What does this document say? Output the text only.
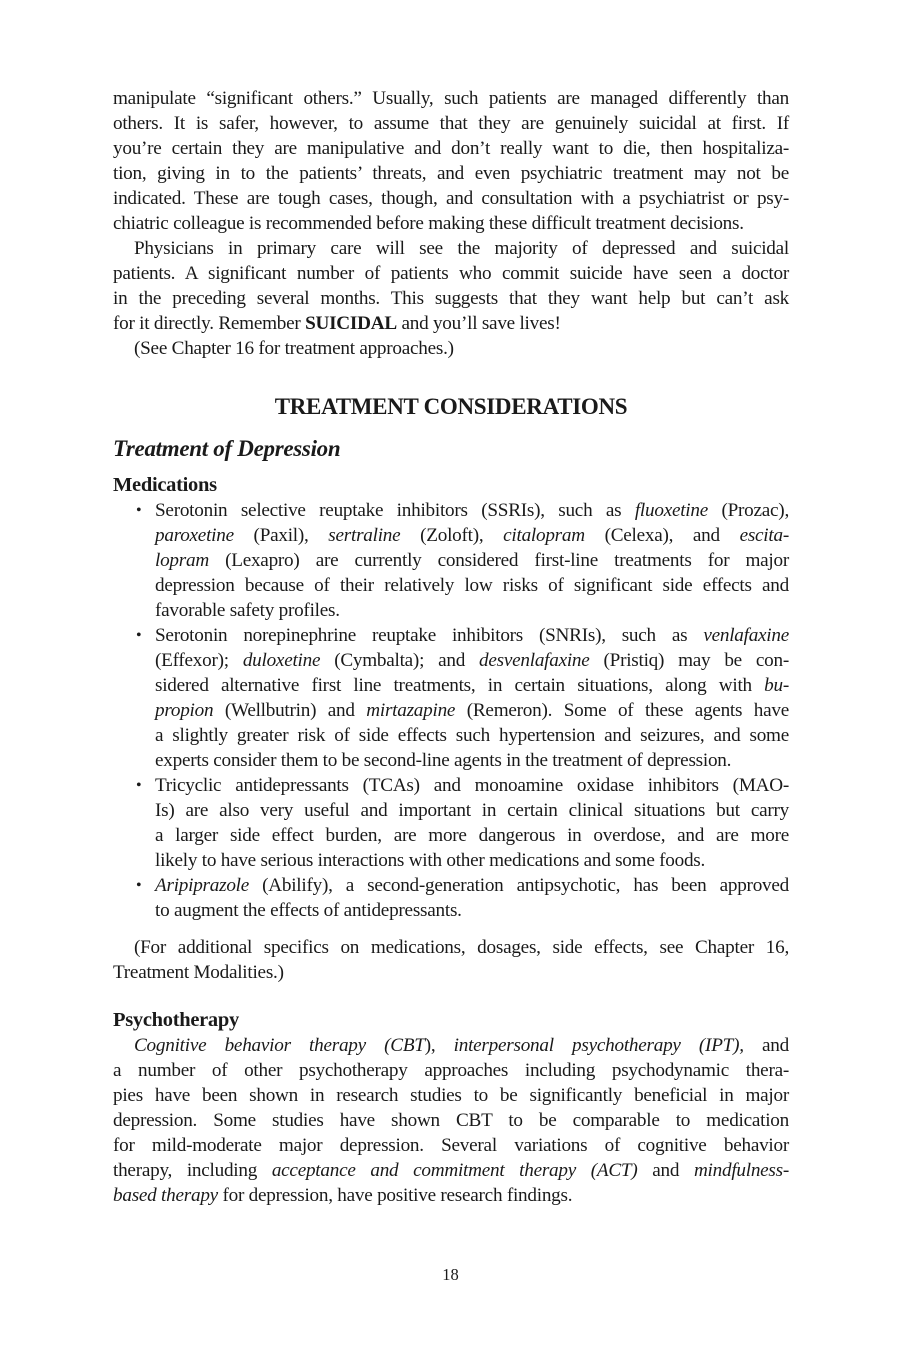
manipulate “significant others.” Usually, such patients are managed differently than
others. It is safer, however, to assume that they are genuinely suicidal at first. If
you’re certain they are manipulative and don’t really want to die, then hospitaliza-
tion, giving in to the patients’ threats, and even psychiatric treatment may not be
indicated. These are tough cases, though, and consultation with a psychiatrist or psy-
chiatric colleague is recommended before making these difficult treatment decisions.
Physicians in primary care will see the majority of depressed and suicidal
patients. A significant number of patients who commit suicide have seen a doctor
in the preceding several months. This suggests that they want help but can’t ask
for it directly. Remember SUICIDAL and you’ll save lives!
(See Chapter 16 for treatment approaches.)
TREATMENT CONSIDERATIONS
Treatment of Depression
Medications
• Serotonin selective reuptake inhibitors (SSRIs), such as fluoxetine (Prozac),
paroxetine (Paxil), sertraline (Zoloft), citalopram (Celexa), and escita-
lopram (Lexapro) are currently considered first-line treatments for major
depression because of their relatively low risks of significant side effects and
favorable safety profiles.
• Serotonin norepinephrine reuptake inhibitors (SNRIs), such as venlafaxine
(Effexor); duloxetine (Cymbalta); and desvenlafaxine (Pristiq) may be con-
sidered alternative first line treatments, in certain situations, along with bu-
propion (Wellbutrin) and mirtazapine (Remeron). Some of these agents have
a slightly greater risk of side effects such hypertension and seizures, and some
experts consider them to be second-line agents in the treatment of depression.
• Tricyclic antidepressants (TCAs) and monoamine oxidase inhibitors (MAO-
Is) are also very useful and important in certain clinical situations but carry
a larger side effect burden, are more dangerous in overdose, and are more
likely to have serious interactions with other medications and some foods.
• Aripiprazole (Abilify), a second-generation antipsychotic, has been approved
to augment the effects of antidepressants.
(For additional specifics on medications, dosages, side effects, see Chapter 16,
Treatment Modalities.)
Psychotherapy
Cognitive behavior therapy (CBT), interpersonal psychotherapy (IPT), and
a number of other psychotherapy approaches including psychodynamic thera-
pies have been shown in research studies to be significantly beneficial in major
depression. Some studies have shown CBT to be comparable to medication
for mild-moderate major depression. Several variations of cognitive behavior
therapy, including acceptance and commitment therapy (ACT) and mindfulness-
based therapy for depression, have positive research findings.
18
